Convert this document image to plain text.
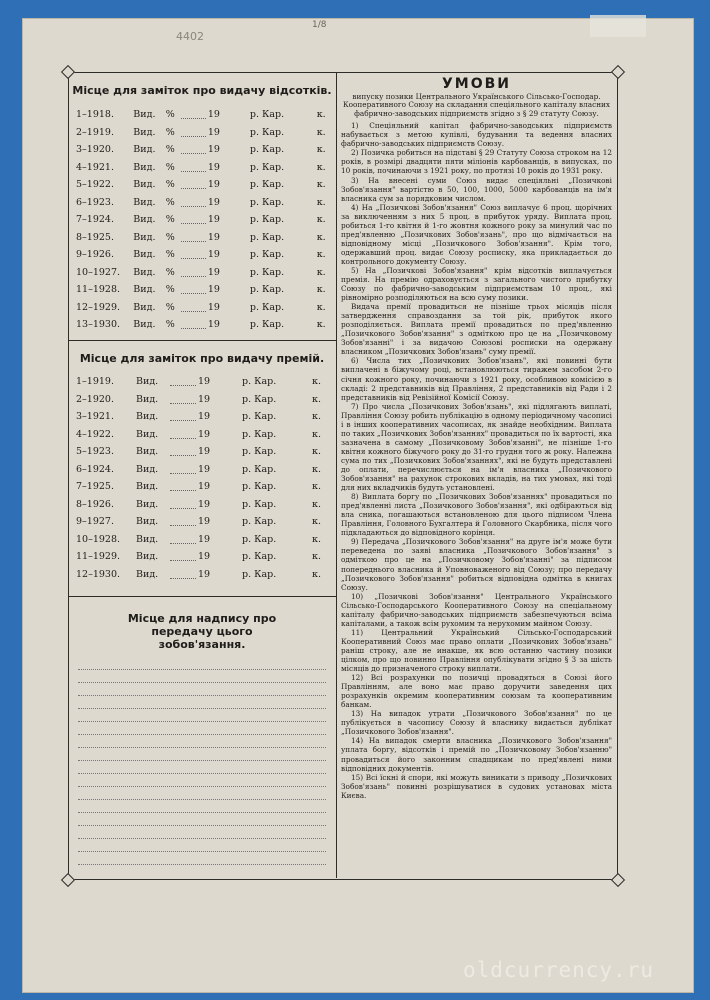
4402
1/8
Місце для заміток про видачу відсотків.
1–1918.	Вид.	%	19	р. Кар.	к.
2–1919.	Вид.	%	19	р. Кар.	к.
3–1920.	Вид.	%	19	р. Кар.	к.
4–1921.	Вид.	%	19	р. Кар.	к.
5–1922.	Вид.	%	19	р. Кар.	к.
6–1923.	Вид.	%	19	р. Кар.	к.
7–1924.	Вид.	%	19	р. Кар.	к.
8–1925.	Вид.	%	19	р. Кар.	к.
9–1926.	Вид.	%	19	р. Кар.	к.
10–1927.	Вид.	%	19	р. Кар.	к.
11–1928.	Вид.	%	19	р. Кар.	к.
12–1929.	Вид.	%	19	р. Кар.	к.
13–1930.	Вид.	%	19	р. Кар.	к.
Місце для заміток про видачу премій.
1–1919.	Вид.	19	р. Кар.	к.
2–1920.	Вид.	19	р. Кар.	к.
3–1921.	Вид.	19	р. Кар.	к.
4–1922.	Вид.	19	р. Кар.	к.
5–1923.	Вид.	19	р. Кар.	к.
6–1924.	Вид.	19	р. Кар.	к.
7–1925.	Вид.	19	р. Кар.	к.
8–1926.	Вид.	19	р. Кар.	к.
9–1927.	Вид.	19	р. Кар.	к.
10–1928.	Вид.	19	р. Кар.	к.
11–1929.	Вид.	19	р. Кар.	к.
12–1930.	Вид.	19	р. Кар.	к.
Місце для надпису про передачу цього зобов'язання.
УМОВИ
випуску позики Центрального Українського Сільсько-Господар. Кооперативного Союзу на складання спеціяльного капіталу власних фабрично-заводських підприємств згідно з § 29 статуту Союзу.

1) Спеціяльний капітал фабрично-заводських підприємств набувається з метою купівлі, будування та ведення власних фабрично-заводських підприємств Союзу.

2) Позичка робиться на підставі § 29 Статуту Союза строком на 12 років, в розмірі двадцяти пяти міліонів карбованців, в випусках, по 10 років, починаючи з 1921 року, по протязі 10 років до 1931 року.

3) На внесені суми Союз видає спеціяльні „Позичкові Зобов'язання" вартістю в 50, 100, 1000, 5000 карбованців на ім'я власника сум за порядковим числом.

4) На „Позичкові Зобов'язання" Союз виплачує 6 проц. щорічних за виключенням з них 5 проц. в прибуток уряду. Виплата проц. робиться 1-го квітня й 1-го жовтня кожного року за минулий час по пред'явленню „Позичкових Зобов'язань", про що відмічається на відповідному місці „Позичкового Зобов'язання". Крім того, одержавший проц. видає Союзу росписку, яка прикладається до контрольного документу Союзу.

5) На „Позичкові Зобов'язання" крім відсотків виплачується премія. На премію одраховується з загального чистого прибутку Союзу по фабрично-заводським підприємствам 10 проц., які рівномірно розподіляються на всю суму позики.

Видача премії провадиться не пізніше трьох місяців після затвердження справоздання за той рік, прибуток якого розподіляється. Виплата премії провадиться по пред'явленню „Позичкового Зобов'язання" з одміткою про це на „Позичковому Зобов'язанні" і за видачою Союзові росписки на одержану власником „Позичкових Зобов'язань" суму премії.

6) Числа тих „Позичкових Зобов'язань", які повинні бути виплачені в біжучому році, встановлюються тиражем засобом 2-го січня кожного року, починаючи з 1921 року, особливою комісією в складі: 2 представників від Правління, 2 представників від Ради і 2 представників від Ревізійної Комісії Союзу.

7) Про числа „Позичкових Зобов'язань", які підлягають виплаті, Правління Союзу робить публікацію в одному періодичному часописі і в інших кооперативних часописах, як знайде необхідним. Виплата по таких „Позичкових Зобов'язаннях" провадиться по їх вартості, яка зазначена в самому „Позичковому Зобов'язанні", не пізніше 1-го квітня кожного біжучого року до 31-го грудня того ж року. Належна сума по тих „Позичкових Зобов'язаннях", які не будуть представлені до оплати, перечислюється на ім'я власника „Позичкового Зобов'язання" на рахунок строкових вкладів, на тих умовах, які тоді для них вкладчиків будуть установлені.

8) Виплата боргу по „Позичкових Зобов'язаннях" провадиться по пред'явленні листа „Позичкового Зобов'язання", які одбіраються від вла сника, погашаються встановленою для цього підписом Члена Правління, Головного Бухгалтера й Головного Скарбника, після чого підкладаються до відповідного корінця.

9) Передача „Позичкового Зобов'язання" на друге ім'я може бути переведена по заяві власника „Позичкового Зобов'язання" з одміткою про це на „Позичковому Зобов'язанні" за підписом попереднього власника й Уповноваженого від Союзу; про передачу „Позичкового Зобов'язання" робиться відповідна одмітка в книгах Союзу.

10) „Позичкові Зобов'язання" Центрального Українського Сільсько-Господарського Кооперативного Союзу на спеціальному капіталу фабрично-заводських підприємств забезпечуються всіма капіталами, а також всім рухомим та нерухомим майном Союзу.

11) Центральний Український Сільсько-Господарський Кооперативний Союз має право оплати „Позичкових Зобов'язань" раніш строку, але не инакше, як всю останню частину позики цілком, про що повинно Правління опублікувати згідно § 3 за шість місяців до призначеного строку виплати.

12) Всі розрахунки по позичці провадяться в Союзі його Правлінням, але воно має право доручити заведення цих розрахунків окремим кооперативним союзам та кооперативним банкам.

13) На випадок утрати „Позичкового Зобов'язання" по це публікується в часопису Союзу й власнику видається дублікат „Позичкового Зобов'язання".

14) На випадок смерти власника „Позичкового Зобов'язання" уплата боргу, відсотків і премій по „Позичковому Зобов'язанню" провадиться його законним спадщикам по пред'явлені ними відповідних документів.

15) Всі їскні й спори, які можуть виникати з приводу „Позичкових Зобов'язань" повинні розрішуватися в судових установах міста Києва.

oldcurrency.ru
